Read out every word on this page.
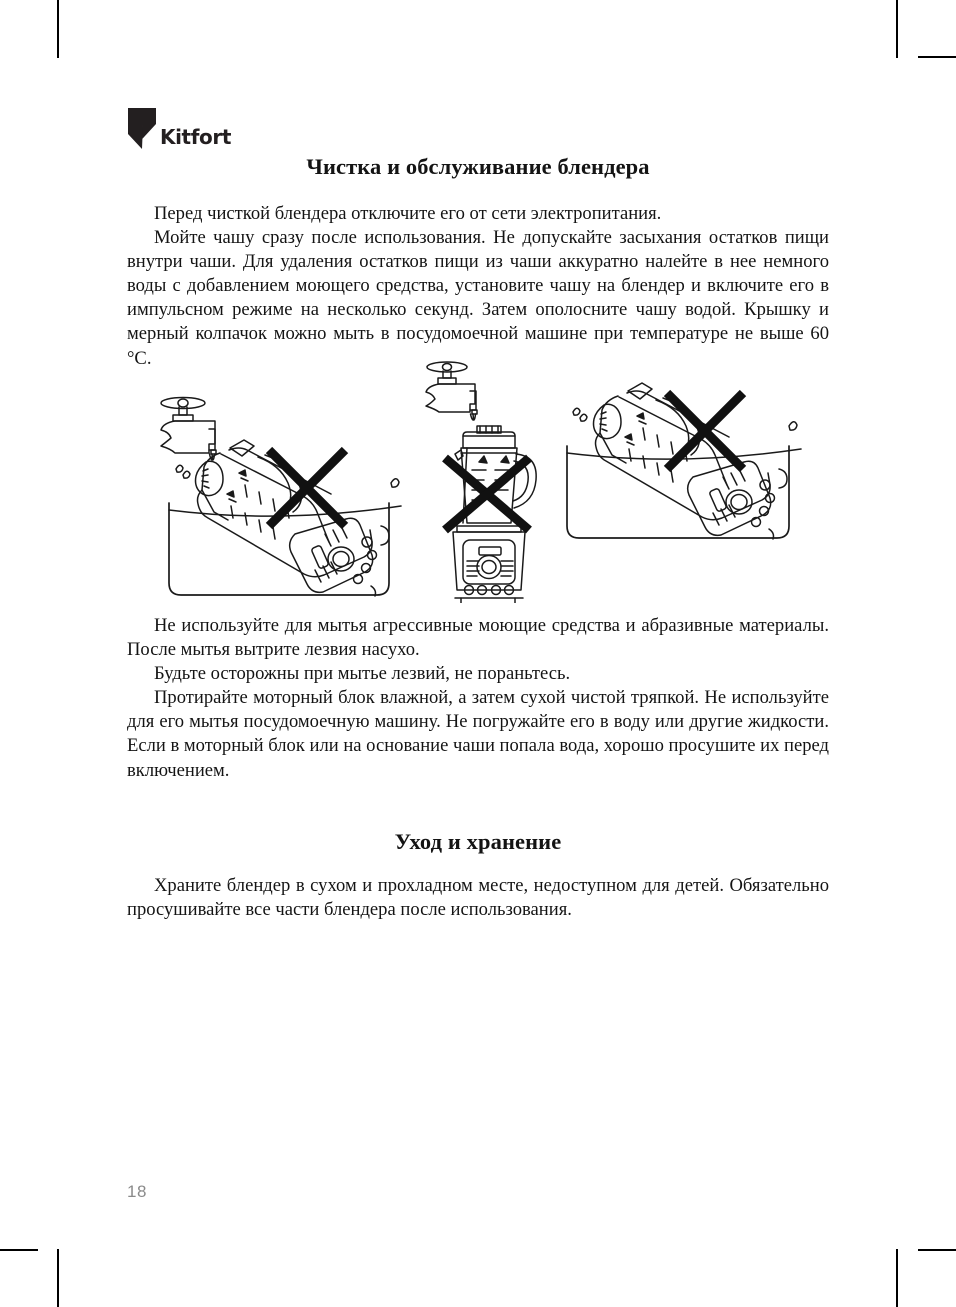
Kitfort
Чистка и обслуживание блендера

Перед чисткой блендера отключите его от сети электропитания.

Мойте чашу сразу после использования. Не допускайте засыхания остатков пищи внутри чаши. Для удаления остатков пищи из чаши аккуратно налейте в нее немного воды с добавлением моющего средства, установите чашу на блендер и включите его в импульсном режиме на несколько секунд. Затем ополосните чашу водой. Крышку и мерный колпачок можно мыть в посудомоечной машине при температуре не выше 60 °C.

Не используйте для мытья агрессивные моющие средства и абразивные материалы. После мытья вытрите лезвия насухо.

Будьте осторожны при мытье лезвий, не пораньтесь.

Протирайте моторный блок влажной, а затем сухой чистой тряпкой. Не используйте для его мытья посудомоечную машину. Не погружайте его в воду или другие жидкости. Если в моторный блок или на основание чаши попала вода, хорошо просушите их перед включением.

Уход и хранение

Храните блендер в сухом и прохладном месте, недоступном для детей. Обязательно просушивайте все части блендера после использования.

18
